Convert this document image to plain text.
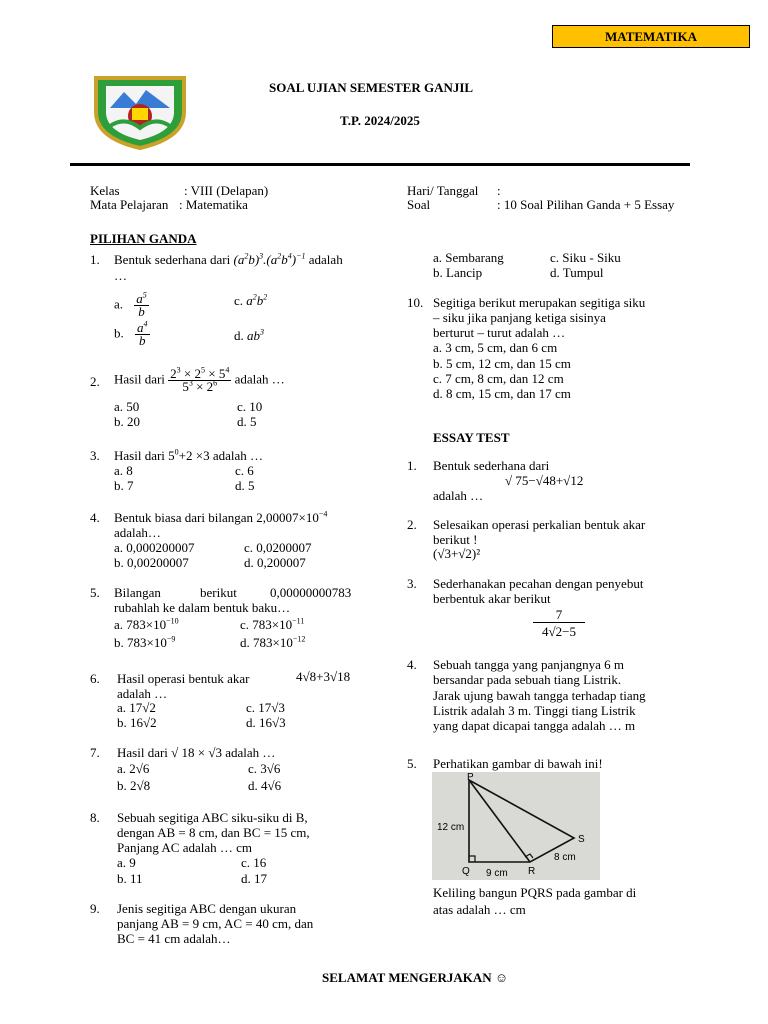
MATEMATIKA
SOAL UJIAN SEMESTER GANJIL
T.P. 2024/2025
Kelas	: VIII (Delapan)
Mata Pelajaran : Matematika
Hari/ Tanggal :
Soal	: 10 Soal Pilihan Ganda + 5 Essay
PILIHAN GANDA
1. Bentuk sederhana dari $(a^2b)^3.(a^2b^4)^{-1}$ adalah
…
a. $\frac{a^5}{b}$	c. $a^2b^2$
b. $\frac{a^4}{b}$	d. $ab^3$
2. Hasil dari $\frac{2^3 \times 2^5 \times 5^4}{5^3 \times 2^6}$ adalah …
a. 50	c. 10
b. 20	d. 5
3. Hasil dari $5^0+2 \times 3$ adalah …
a. 8	c. 6
b. 7	d. 5
4. Bentuk biasa dari bilangan $2,00007\times 10^{-4}$
adalah…
a. 0,000200007	c. 0,0200007
b. 0,00200007	d. 0,200007
5. Bilangan	berikut	0,00000000783
rubahlah ke dalam bentuk baku…
a. $783\times 10^{-10}$	c. $783\times 10^{-11}$
b. $783\times 10^{-9}$	d. $783\times 10^{-12}$
6. Hasil operasi bentuk akar	4√8+3√18
adalah …
a. 17√2	c. 17√3
b. 16√2	d. 16√3
7. Hasil dari √ 18 × √3 adalah …
a. 2√6	c. 3√6
b. 2√8	d. 4√6
8. Sebuah segitiga ABC siku-siku di B,
dengan AB = 8 cm, dan BC = 15 cm,
Panjang AC adalah … cm
a. 9	c. 16
b. 11	d. 17
9. Jenis segitiga ABC dengan ukuran
panjang AB = 9 cm, AC = 40 cm, dan
BC = 41 cm adalah…
a. Sembarang	c. Siku - Siku
b. Lancip	d. Tumpul
10. Segitiga berikut merupakan segitiga siku
– siku jika panjang ketiga sisinya
berturut – turut adalah …
a. 3 cm, 5 cm, dan 6 cm
b. 5 cm, 12 cm, dan 15 cm
c. 7 cm, 8 cm, dan 12 cm
d. 8 cm, 15 cm, dan 17 cm
ESSAY TEST
1. Bentuk sederhana dari
√ 75−√48+√12
adalah …
2. Selesaikan operasi perkalian bentuk akar
berikut !
(√3+√2)²
3. Sederhanakan pecahan dengan penyebut
berbentuk akar berikut
7
4√2−5
4. Sebuah tangga yang panjangnya 6 m
bersandar pada sebuah tiang Listrik.
Jarak ujung bawah tangga terhadap tiang
Listrik adalah 3 m. Tinggi tiang Listrik
yang dapat dicapai tangga adalah … m
5. Perhatikan gambar di bawah ini!
P
Q	R
S
12 cm
9 cm
8 cm
Keliling bangun PQRS pada gambar di
atas adalah … cm
SELAMAT MENGERJAKAN ☺
